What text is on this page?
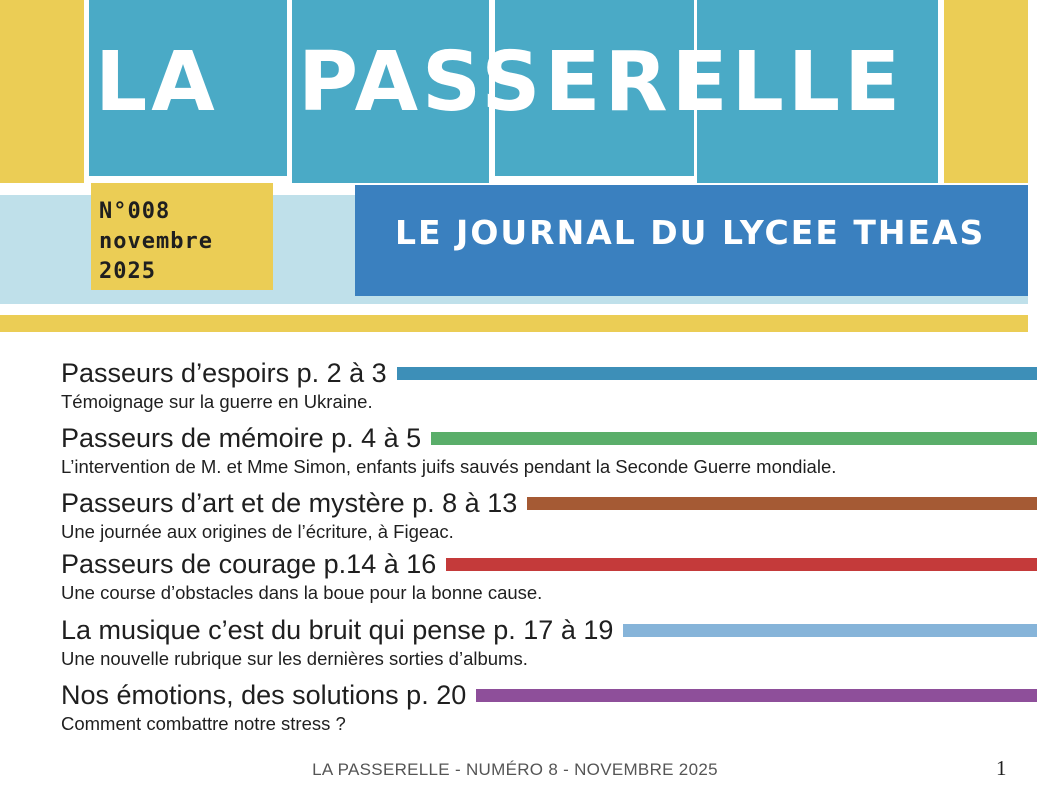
LA PASSERELLE
N°008
novembre
2025
LE JOURNAL DU LYCEE THEAS
Passeurs d’espoirs p. 2 à 3
Témoignage sur la guerre en Ukraine.
Passeurs de mémoire p. 4 à 5
L’intervention de M. et Mme Simon, enfants juifs sauvés pendant la Seconde Guerre mondiale.
Passeurs d’art et de mystère p. 8 à 13
Une journée aux origines de l’écriture, à Figeac.
Passeurs de courage p.14 à 16
Une course d’obstacles dans la boue pour la bonne cause.
La musique c’est du bruit qui pense p. 17 à 19
Une nouvelle rubrique sur les dernières sorties d’albums.
Nos émotions, des solutions p. 20
Comment combattre notre stress ?
LA PASSERELLE - NUMÉRO 8 - NOVEMBRE 2025	1
